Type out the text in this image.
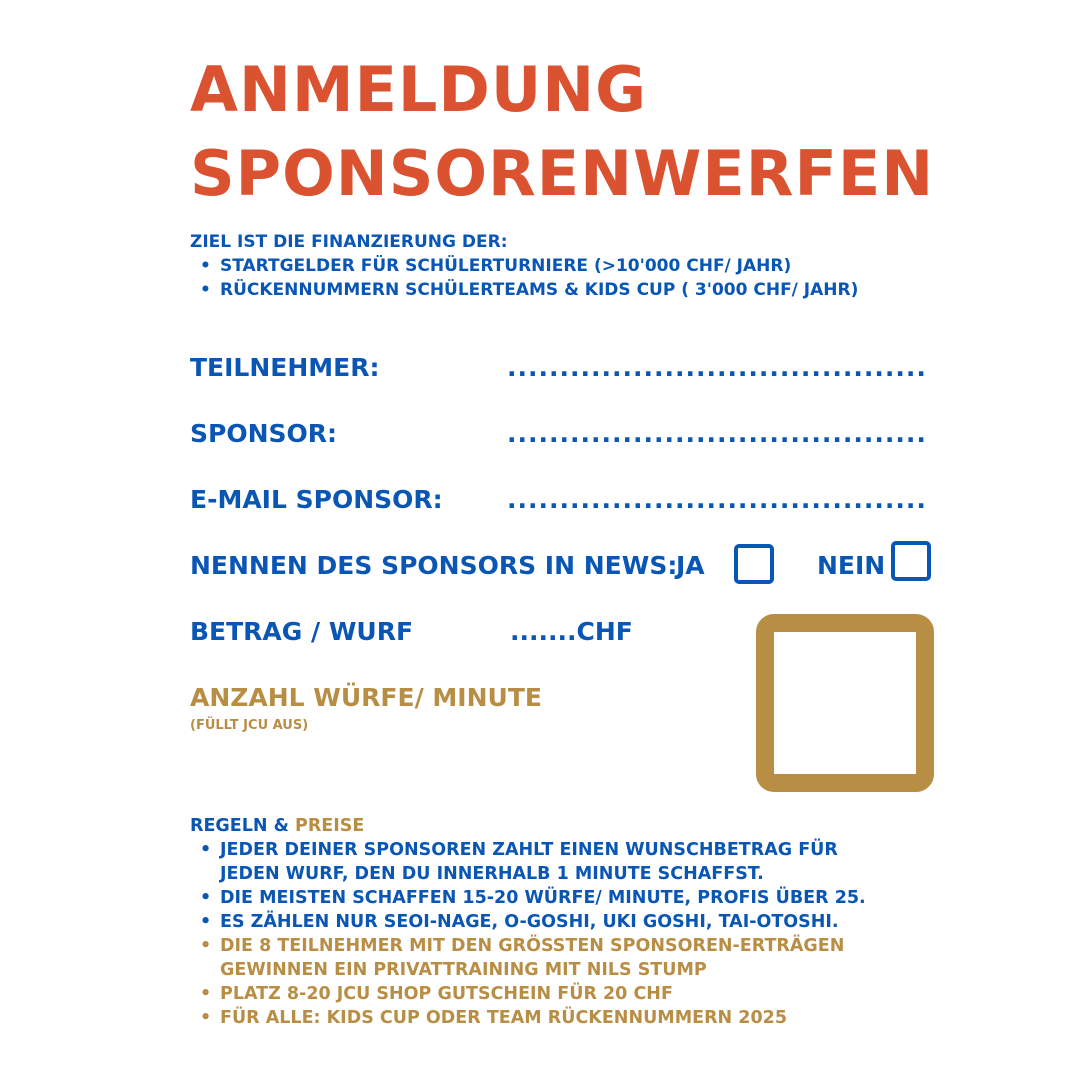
ANMELDUNG
SPONSORENWERFEN
ZIEL IST DIE FINANZIERUNG DER:
• STARTGELDER FÜR SCHÜLERTURNIERE (>10'000 CHF/ JAHR)
• RÜCKENNUMMERN SCHÜLERTEAMS & KIDS CUP ( 3'000 CHF/ JAHR)
TEILNEHMER:	........................................
SPONSOR:	........................................
E-MAIL SPONSOR:	........................................
NENNEN DES SPONSORS IN NEWS:
JA	NEIN
BETRAG / WURF	.......CHF
ANZAHL WÜRFE/ MINUTE
(FÜLLT JCU AUS)
REGELN & PREISE
• JEDER DEINER SPONSOREN ZAHLT EINEN WUNSCHBETRAG FÜR JEDEN WURF, DEN DU INNERHALB 1 MINUTE SCHAFFST.
• DIE MEISTEN SCHAFFEN 15-20 WÜRFE/ MINUTE, PROFIS ÜBER 25.
• ES ZÄHLEN NUR SEOI-NAGE, O-GOSHI, UKI GOSHI, TAI-OTOSHI.
• DIE 8 TEILNEHMER MIT DEN GRÖSSTEN SPONSOREN-ERTRÄGEN GEWINNEN EIN PRIVATTRAINING MIT NILS STUMP
• PLATZ 8-20 JCU SHOP GUTSCHEIN FÜR 20 CHF
• FÜR ALLE: KIDS CUP ODER TEAM RÜCKENNUMMERN 2025
